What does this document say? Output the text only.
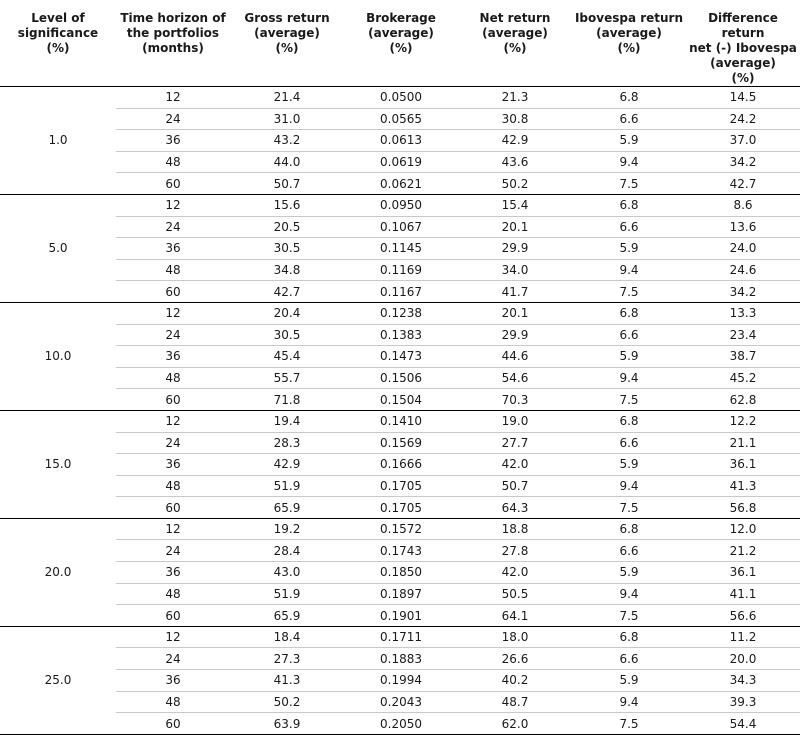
Level of
significance
(%)	Time horizon of
the portfolios
(months)	Gross return
(average)
(%)	Brokerage
(average)
(%)	Net return
(average)
(%)	Ibovespa return
(average)
(%)	Difference return
net (-) Ibovespa
(average)
(%)

1.0	12	21.4	0.0500	21.3	6.8	14.5
	24	31.0	0.0565	30.8	6.6	24.2
	36	43.2	0.0613	42.9	5.9	37.0
	48	44.0	0.0619	43.6	9.4	34.2
	60	50.7	0.0621	50.2	7.5	42.7
5.0	12	15.6	0.0950	15.4	6.8	8.6
	24	20.5	0.1067	20.1	6.6	13.6
	36	30.5	0.1145	29.9	5.9	24.0
	48	34.8	0.1169	34.0	9.4	24.6
	60	42.7	0.1167	41.7	7.5	34.2
10.0	12	20.4	0.1238	20.1	6.8	13.3
	24	30.5	0.1383	29.9	6.6	23.4
	36	45.4	0.1473	44.6	5.9	38.7
	48	55.7	0.1506	54.6	9.4	45.2
	60	71.8	0.1504	70.3	7.5	62.8
15.0	12	19.4	0.1410	19.0	6.8	12.2
	24	28.3	0.1569	27.7	6.6	21.1
	36	42.9	0.1666	42.0	5.9	36.1
	48	51.9	0.1705	50.7	9.4	41.3
	60	65.9	0.1705	64.3	7.5	56.8
20.0	12	19.2	0.1572	18.8	6.8	12.0
	24	28.4	0.1743	27.8	6.6	21.2
	36	43.0	0.1850	42.0	5.9	36.1
	48	51.9	0.1897	50.5	9.4	41.1
	60	65.9	0.1901	64.1	7.5	56.6
25.0	12	18.4	0.1711	18.0	6.8	11.2
	24	27.3	0.1883	26.6	6.6	20.0
	36	41.3	0.1994	40.2	5.9	34.3
	48	50.2	0.2043	48.7	9.4	39.3
	60	63.9	0.2050	62.0	7.5	54.4
